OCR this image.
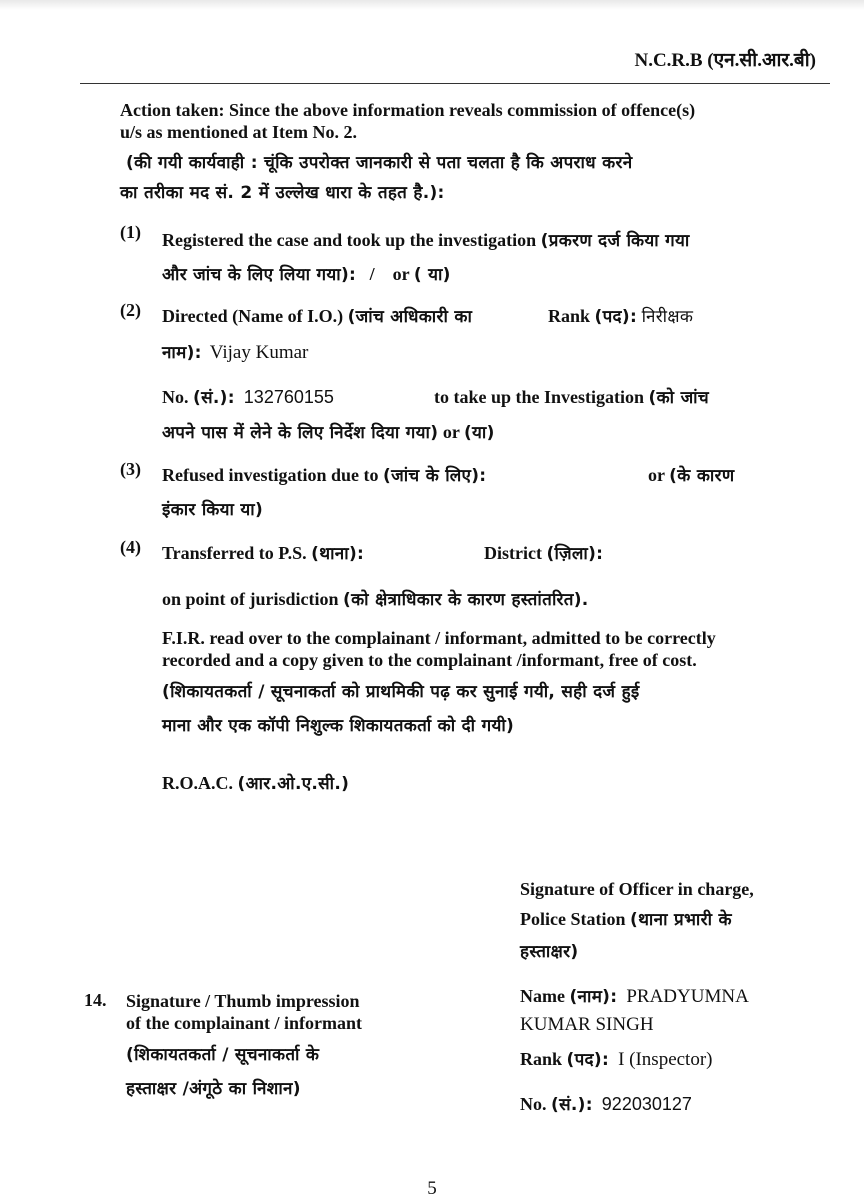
N.C.R.B (एन.सी.आर.बी)
Action taken: Since the above information reveals commission of offence(s)
u/s as mentioned at Item No. 2.
(की गयी कार्यवाही : चूंकि उपरोक्त जानकारी से पता चलता है कि अपराध करने
का तरीका मद सं. 2 में उल्लेख धारा के तहत है.):
(1) Registered the case and took up the investigation (प्रकरण दर्ज किया गया
और जांच के लिए लिया गया): /    or ( या)
(2) Directed (Name of I.O.) (जांच अधिकारी का	Rank (पद): निरीक्षक
नाम): Vijay Kumar
No. (सं.): 132760155	to take up the Investigation (को जांच
अपने पास में लेने के लिए निर्देश दिया गया) or (या)
(3) Refused investigation due to (जांच के लिए):	or (के कारण
इंकार किया या)
(4) Transferred to P.S. (थाना):	District (ज़िला):
on point of jurisdiction (को क्षेत्राधिकार के कारण हस्तांतरित).
F.I.R. read over to the complainant / informant, admitted to be correctly
recorded and a copy given to the complainant /informant, free of cost.
(शिकायतकर्ता / सूचनाकर्ता को प्राथमिकी पढ़ कर सुनाई गयी, सही दर्ज हुई
माना और एक कॉपी निशुल्क शिकायतकर्ता को दी गयी)
R.O.A.C. (आर.ओ.ए.सी.)
Signature of Officer in charge,
Police Station (थाना प्रभारी के
हस्ताक्षर)
Name (नाम): PRADYUMNA
KUMAR SINGH
Rank (पद): I (Inspector)
No. (सं.): 922030127
14. Signature / Thumb impression
of the complainant / informant
(शिकायतकर्ता / सूचनाकर्ता के
हस्ताक्षर /अंगूठे का निशान)
5
